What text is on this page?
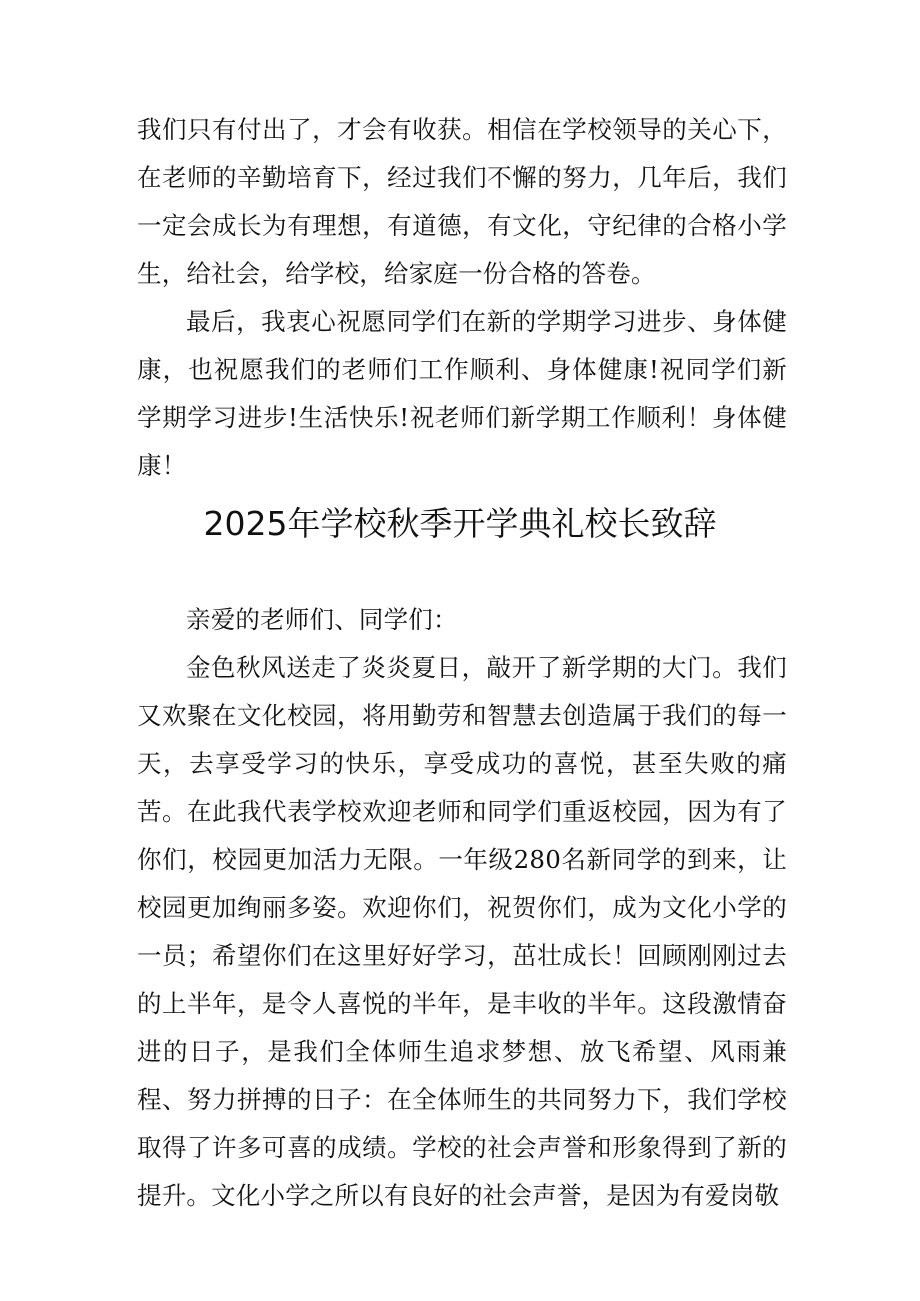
我们只有付出了，才会有收获。相信在学校领导的关心下，在老师的辛勤培育下，经过我们不懈的努力，几年后，我们一定会成长为有理想，有道德，有文化，守纪律的合格小学生，给社会，给学校，给家庭一份合格的答卷。

最后，我衷心祝愿同学们在新的学期学习进步、身体健康，也祝愿我们的老师们工作顺利、身体健康!祝同学们新学期学习进步!生活快乐!祝老师们新学期工作顺利！身体健康！

2025年学校秋季开学典礼校长致辞

亲爱的老师们、同学们：

金色秋风送走了炎炎夏日，敲开了新学期的大门。我们又欢聚在文化校园，将用勤劳和智慧去创造属于我们的每一天，去享受学习的快乐，享受成功的喜悦，甚至失败的痛苦。在此我代表学校欢迎老师和同学们重返校园，因为有了你们，校园更加活力无限。一年级280名新同学的到来，让校园更加绚丽多姿。欢迎你们，祝贺你们，成为文化小学的一员；希望你们在这里好好学习，茁壮成长！回顾刚刚过去的上半年，是令人喜悦的半年，是丰收的半年。这段激情奋进的日子，是我们全体师生追求梦想、放飞希望、风雨兼程、努力拼搏的日子：在全体师生的共同努力下，我们学校取得了许多可喜的成绩。学校的社会声誉和形象得到了新的提升。文化小学之所以有良好的社会声誉，是因为有爱岗敬
